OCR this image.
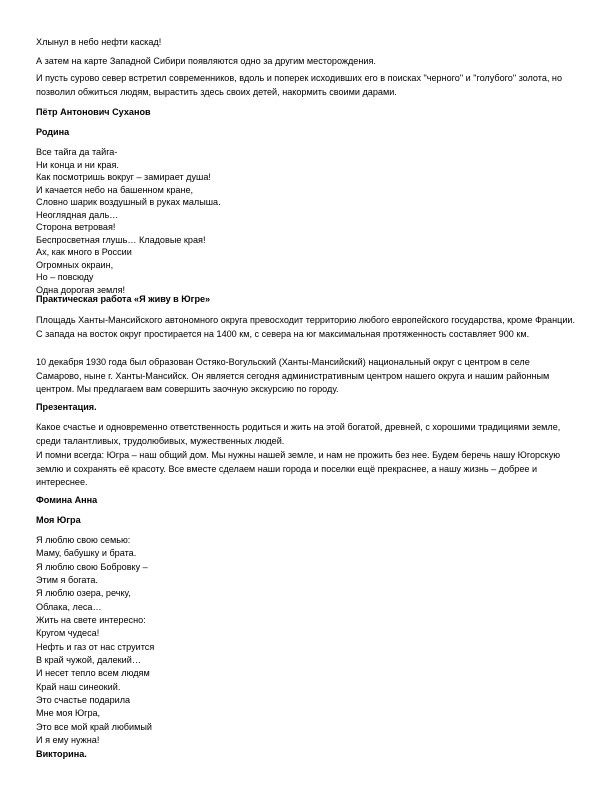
Хлынул в небо нефти каскад!

А затем на карте Западной Сибири появляются одно за другим месторождения.

И пусть сурово север встретил современников, вдоль и поперек исходивших его в поисках "черного" и "голубого" золота, но позволил обжиться людям, вырастить здесь своих детей, накормить своими дарами.

Пётр Антонович Суханов

Родина

Все тайга да тайга-
Ни конца и ни края.
Как посмотришь вокруг – замирает душа!
И качается небо на башенном кране,
Словно шарик воздушный в руках малыша.
Неоглядная даль…
Сторона ветровая!
Беспросветная глушь… Кладовые края!
Ах, как много в России
Огромных окраин,
Но – повсюду
Одна дорогая земля!

Практическая работа «Я живу в Югре»

Площадь Ханты-Мансийского автономного округа превосходит территорию любого европейского государства, кроме Франции. С запада на восток округ простирается на 1400 км, с севера на юг максимальная протяженность составляет 900 км.

10 декабря 1930 года был образован Остяко-Вогульский (Ханты-Мансийский) национальный округ с центром в селе Самарово, ныне г. Ханты-Мансийск. Он является сегодня административным центром нашего округа и нашим районным центром. Мы предлагаем вам совершить заочную экскурсию по городу.

Презентация.

Какое счастье и одновременно ответственность родиться и жить на этой богатой, древней, с хорошими традициями земле, среди талантливых, трудолюбивых, мужественных людей.

И помни всегда: Югра – наш общий дом. Мы нужны нашей земле, и нам не прожить без нее. Будем беречь нашу Югорскую землю и сохранять её красоту. Все вместе сделаем наши города и поселки ещё прекраснее, а нашу жизнь – добрее и интереснее.

Фомина Анна

Моя Югра

Я люблю свою семью:
Маму, бабушку и брата.
Я люблю свою Бобровку –
Этим я богата.
Я люблю озера, речку,
Облака, леса…
Жить на свете интересно:
Кругом чудеса!
Нефть и газ от нас струится
В край чужой, далекий…
И несет тепло всем людям
Край наш синеокий.
Это счастье подарила
Мне моя Югра,
Это все мой край любимый
И я ему нужна!

Викторина.
